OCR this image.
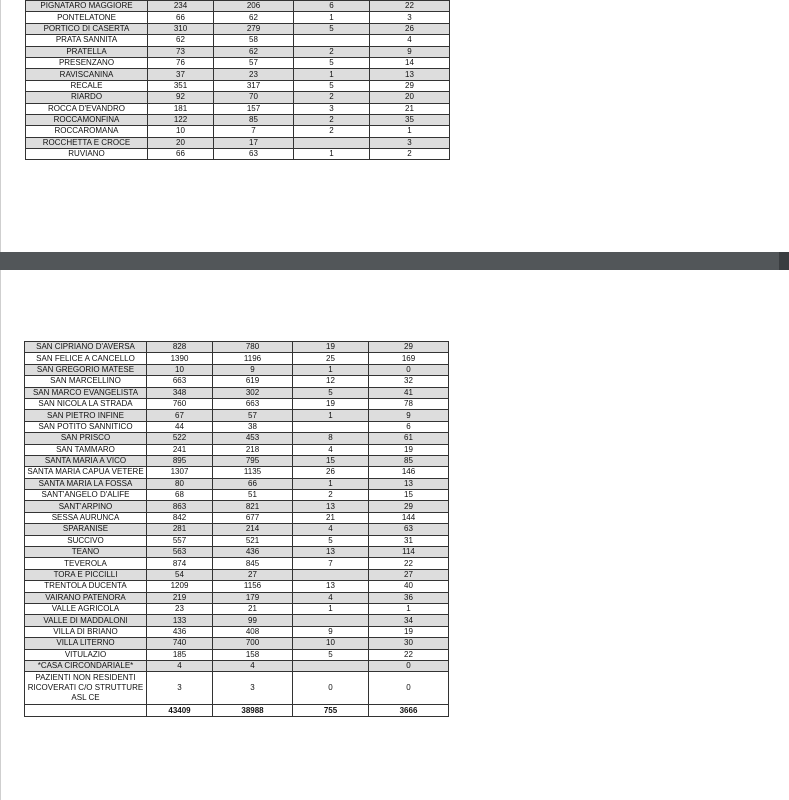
PIGNATARO MAGGIORE	234	206	6	22
PONTELATONE	66	62	1	3
PORTICO DI CASERTA	310	279	5	26
PRATA SANNITA	62	58		4
PRATELLA	73	62	2	9
PRESENZANO	76	57	5	14
RAVISCANINA	37	23	1	13
RECALE	351	317	5	29
RIARDO	92	70	2	20
ROCCA D'EVANDRO	181	157	3	21
ROCCAMONFINA	122	85	2	35
ROCCAROMANA	10	7	2	1
ROCCHETTA E CROCE	20	17		3
RUVIANO	66	63	1	2
SAN CIPRIANO D'AVERSA	828	780	19	29
SAN FELICE A CANCELLO	1390	1196	25	169
SAN GREGORIO MATESE	10	9	1	0
SAN MARCELLINO	663	619	12	32
SAN MARCO EVANGELISTA	348	302	5	41
SAN NICOLA LA STRADA	760	663	19	78
SAN PIETRO INFINE	67	57	1	9
SAN POTITO SANNITICO	44	38		6
SAN PRISCO	522	453	8	61
SAN TAMMARO	241	218	4	19
SANTA MARIA A VICO	895	795	15	85
SANTA MARIA CAPUA VETERE	1307	1135	26	146
SANTA MARIA LA FOSSA	80	66	1	13
SANT'ANGELO D'ALIFE	68	51	2	15
SANT'ARPINO	863	821	13	29
SESSA AURUNCA	842	677	21	144
SPARANISE	281	214	4	63
SUCCIVO	557	521	5	31
TEANO	563	436	13	114
TEVEROLA	874	845	7	22
TORA E PICCILLI	54	27		27
TRENTOLA DUCENTA	1209	1156	13	40
VAIRANO PATENORA	219	179	4	36
VALLE AGRICOLA	23	21	1	1
VALLE DI MADDALONI	133	99		34
VILLA DI BRIANO	436	408	9	19
VILLA LITERNO	740	700	10	30
VITULAZIO	185	158	5	22
*CASA CIRCONDARIALE*	4	4		0
PAZIENTI NON RESIDENTI RICOVERATI C/O STRUTTURE ASL CE	3	3	0	0
	43409	38988	755	3666
